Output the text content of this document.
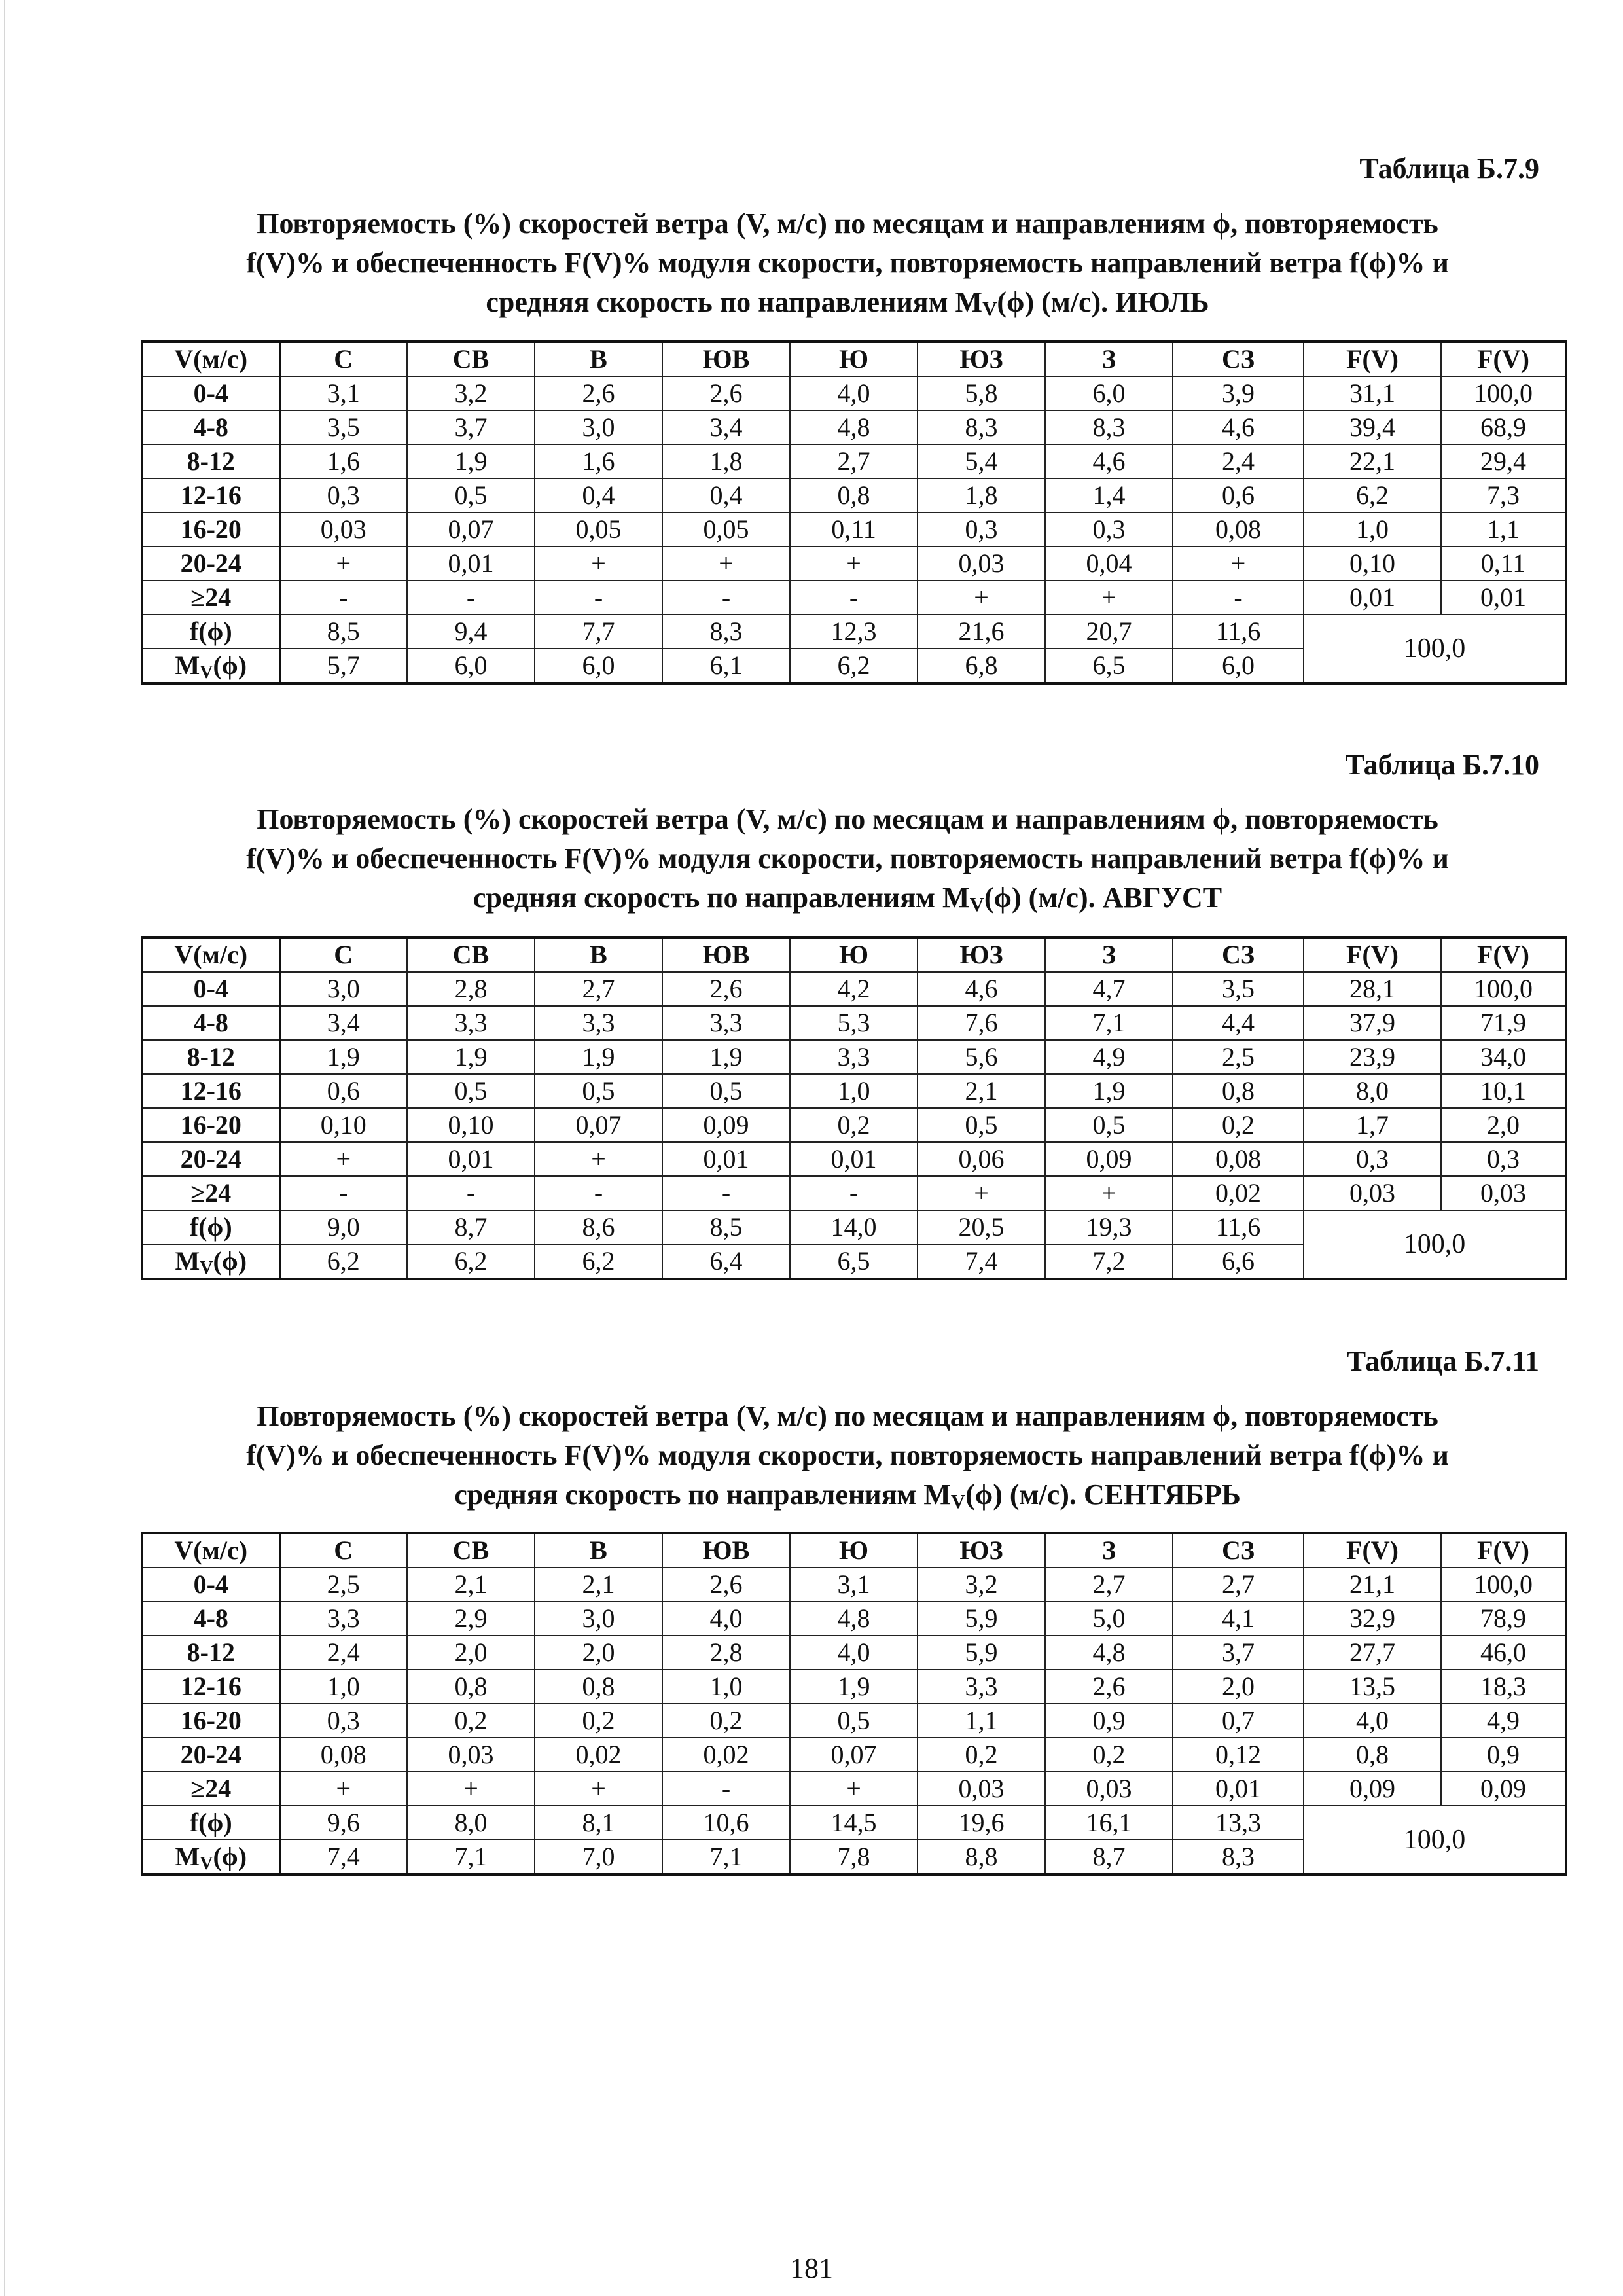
Таблица Б.7.9
Повторяемость (%) скоростей ветра (V, м/с) по месяцам и направлениям ϕ, повторяемость
f(V)% и обеспеченность F(V)% модуля скорости, повторяемость направлений ветра f(ϕ)% и
средняя скорость по направлениям $M_V(\phi)$ (м/с). ИЮЛЬ
V(м/с)	С	СВ	В	ЮВ	Ю	ЮЗ	З	СЗ	F(V)	F(V)
0-4	3,1	3,2	2,6	2,6	4,0	5,8	6,0	3,9	31,1	100,0
4-8	3,5	3,7	3,0	3,4	4,8	8,3	8,3	4,6	39,4	68,9
8-12	1,6	1,9	1,6	1,8	2,7	5,4	4,6	2,4	22,1	29,4
12-16	0,3	0,5	0,4	0,4	0,8	1,8	1,4	0,6	6,2	7,3
16-20	0,03	0,07	0,05	0,05	0,11	0,3	0,3	0,08	1,0	1,1
20-24	+	0,01	+	+	+	0,03	0,04	+	0,10	0,11
≥24	-	-	-	-	-	+	+	-	0,01	0,01
f(ϕ)	8,5	9,4	7,7	8,3	12,3	21,6	20,7	11,6	100,0	
$M_V(\phi)$	5,7	6,0	6,0	6,1	6,2	6,8	6,5	6,0		
Таблица Б.7.10
Повторяемость (%) скоростей ветра (V, м/с) по месяцам и направлениям ϕ, повторяемость
f(V)% и обеспеченность F(V)% модуля скорости, повторяемость направлений ветра f(ϕ)% и
средняя скорость по направлениям $M_V(\phi)$ (м/с). АВГУСТ
V(м/с)	С	СВ	В	ЮВ	Ю	ЮЗ	З	СЗ	F(V)	F(V)
0-4	3,0	2,8	2,7	2,6	4,2	4,6	4,7	3,5	28,1	100,0
4-8	3,4	3,3	3,3	3,3	5,3	7,6	7,1	4,4	37,9	71,9
8-12	1,9	1,9	1,9	1,9	3,3	5,6	4,9	2,5	23,9	34,0
12-16	0,6	0,5	0,5	0,5	1,0	2,1	1,9	0,8	8,0	10,1
16-20	0,10	0,10	0,07	0,09	0,2	0,5	0,5	0,2	1,7	2,0
20-24	+	0,01	+	0,01	0,01	0,06	0,09	0,08	0,3	0,3
≥24	-	-	-	-	-	+	+	0,02	0,03	0,03
f(ϕ)	9,0	8,7	8,6	8,5	14,0	20,5	19,3	11,6	100,0	
$M_V(\phi)$	6,2	6,2	6,2	6,4	6,5	7,4	7,2	6,6		
Таблица Б.7.11
Повторяемость (%) скоростей ветра (V, м/с) по месяцам и направлениям ϕ, повторяемость
f(V)% и обеспеченность F(V)% модуля скорости, повторяемость направлений ветра f(ϕ)% и
средняя скорость по направлениям $M_V(\phi)$ (м/с). СЕНТЯБРЬ
V(м/с)	С	СВ	В	ЮВ	Ю	ЮЗ	З	СЗ	F(V)	F(V)
0-4	2,5	2,1	2,1	2,6	3,1	3,2	2,7	2,7	21,1	100,0
4-8	3,3	2,9	3,0	4,0	4,8	5,9	5,0	4,1	32,9	78,9
8-12	2,4	2,0	2,0	2,8	4,0	5,9	4,8	3,7	27,7	46,0
12-16	1,0	0,8	0,8	1,0	1,9	3,3	2,6	2,0	13,5	18,3
16-20	0,3	0,2	0,2	0,2	0,5	1,1	0,9	0,7	4,0	4,9
20-24	0,08	0,03	0,02	0,02	0,07	0,2	0,2	0,12	0,8	0,9
≥24	+	+	+	-	+	0,03	0,03	0,01	0,09	0,09
f(ϕ)	9,6	8,0	8,1	10,6	14,5	19,6	16,1	13,3	100,0	
$M_V(\phi)$	7,4	7,1	7,0	7,1	7,8	8,8	8,7	8,3		
181
